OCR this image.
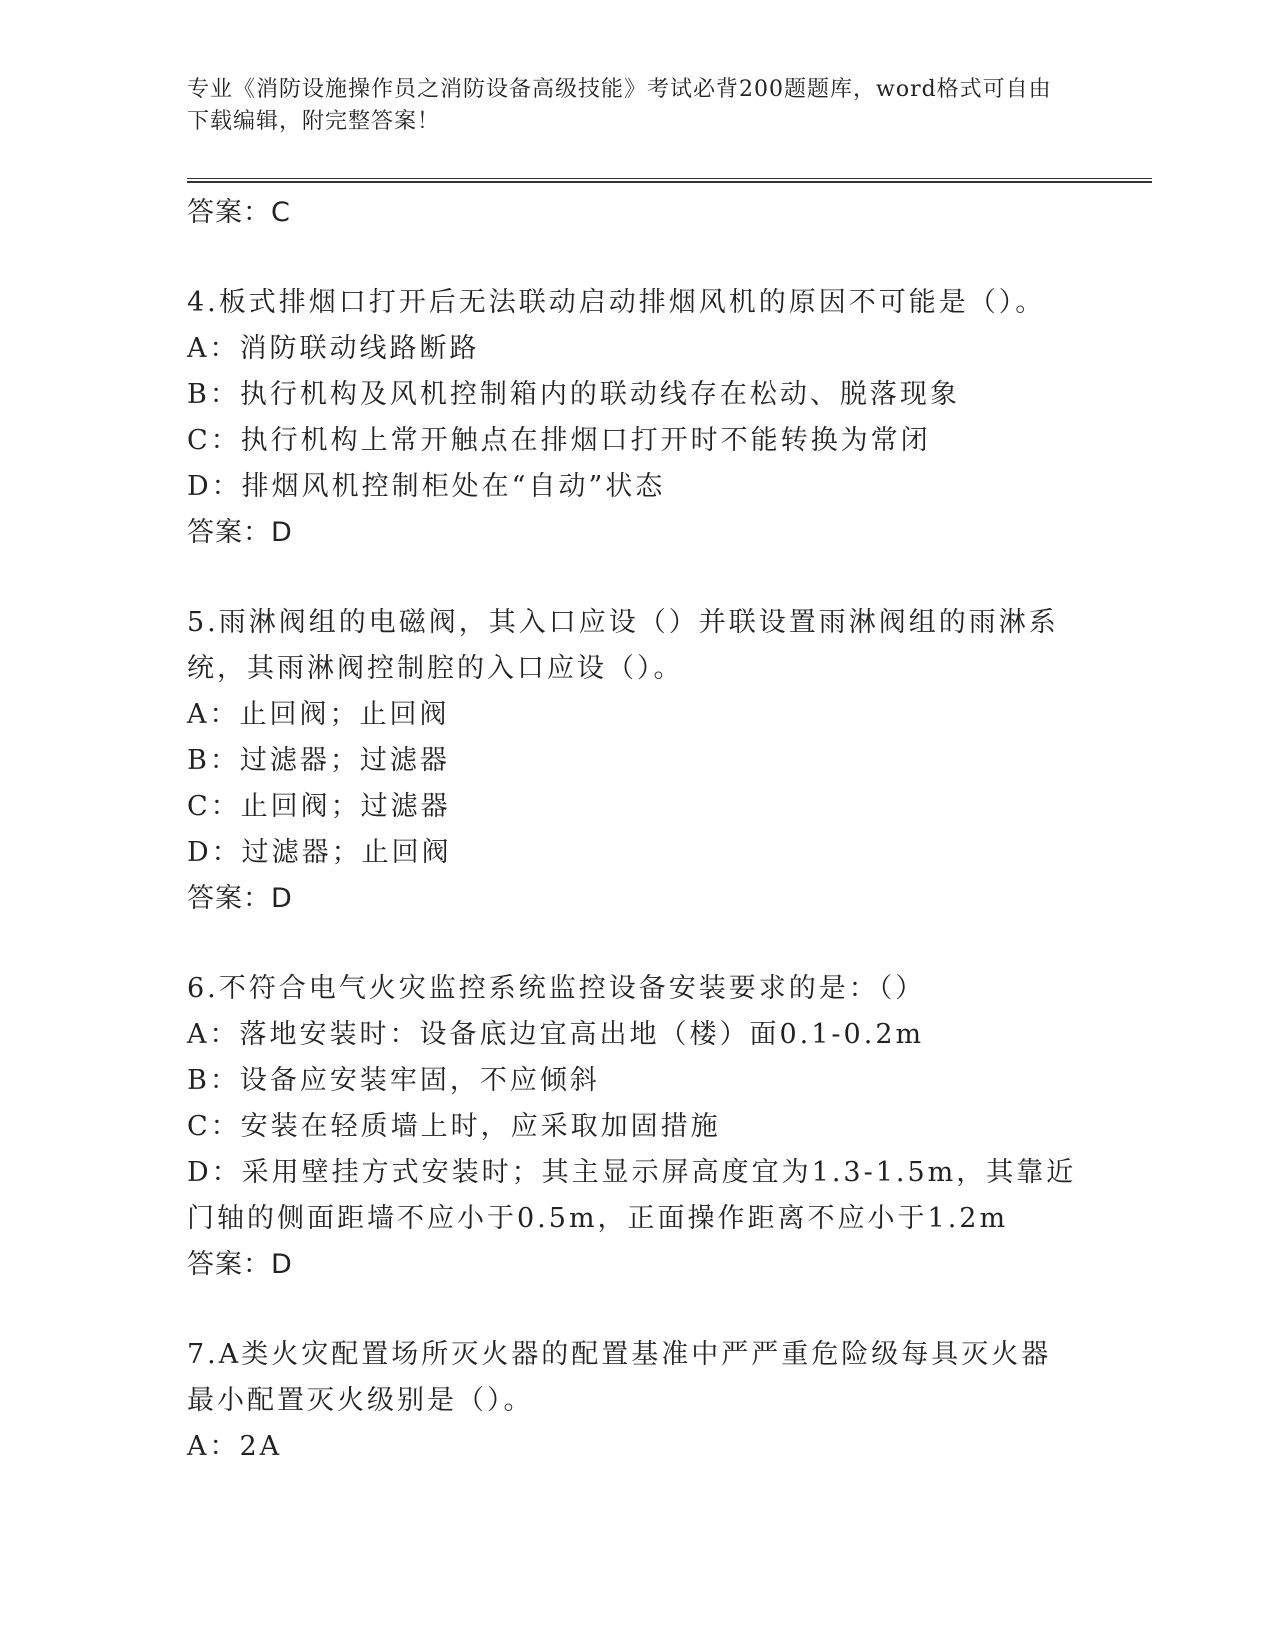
专业《消防设施操作员之消防设备高级技能》考试必背200题题库，word格式可自由下载编辑，附完整答案！
答案：C
4.板式排烟口打开后无法联动启动排烟风机的原因不可能是（）。
A：消防联动线路断路
B：执行机构及风机控制箱内的联动线存在松动、脱落现象
C：执行机构上常开触点在排烟口打开时不能转换为常闭
D：排烟风机控制柜处在“自动”状态
答案：D
5.雨淋阀组的电磁阀，其入口应设（）并联设置雨淋阀组的雨淋系统，其雨淋阀控制腔的入口应设（）。
A：止回阀；止回阀
B：过滤器；过滤器
C：止回阀；过滤器
D：过滤器；止回阀
答案：D
6.不符合电气火灾监控系统监控设备安装要求的是：（）
A：落地安装时：设备底边宜高出地（楼）面0.1-0.2m
B：设备应安装牢固，不应倾斜
C：安装在轻质墙上时，应采取加固措施
D：采用壁挂方式安装时；其主显示屏高度宜为1.3-1.5m，其靠近门轴的侧面距墙不应小于0.5m，正面操作距离不应小于1.2m
答案：D
7.A类火灾配置场所灭火器的配置基准中严严重危险级每具灭火器最小配置灭火级别是（）。
A：2A
